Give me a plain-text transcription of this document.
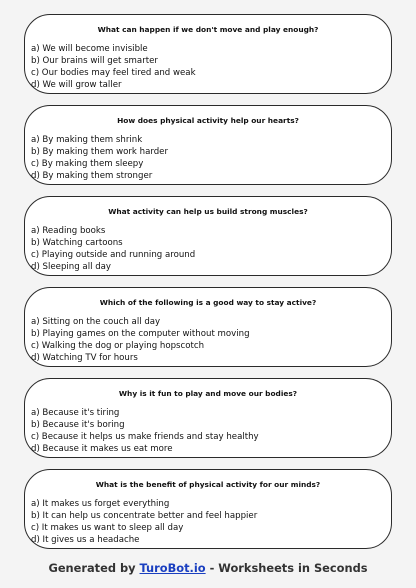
What can happen if we don't move and play enough?
a) We will become invisible
b) Our brains will get smarter
c) Our bodies may feel tired and weak
d) We will grow taller
How does physical activity help our hearts?
a) By making them shrink
b) By making them work harder
c) By making them sleepy
d) By making them stronger
What activity can help us build strong muscles?
a) Reading books
b) Watching cartoons
c) Playing outside and running around
d) Sleeping all day
Which of the following is a good way to stay active?
a) Sitting on the couch all day
b) Playing games on the computer without moving
c) Walking the dog or playing hopscotch
d) Watching TV for hours
Why is it fun to play and move our bodies?
a) Because it's tiring
b) Because it's boring
c) Because it helps us make friends and stay healthy
d) Because it makes us eat more
What is the benefit of physical activity for our minds?
a) It makes us forget everything
b) It can help us concentrate better and feel happier
c) It makes us want to sleep all day
d) It gives us a headache
Generated by TuroBot.io - Worksheets in Seconds
